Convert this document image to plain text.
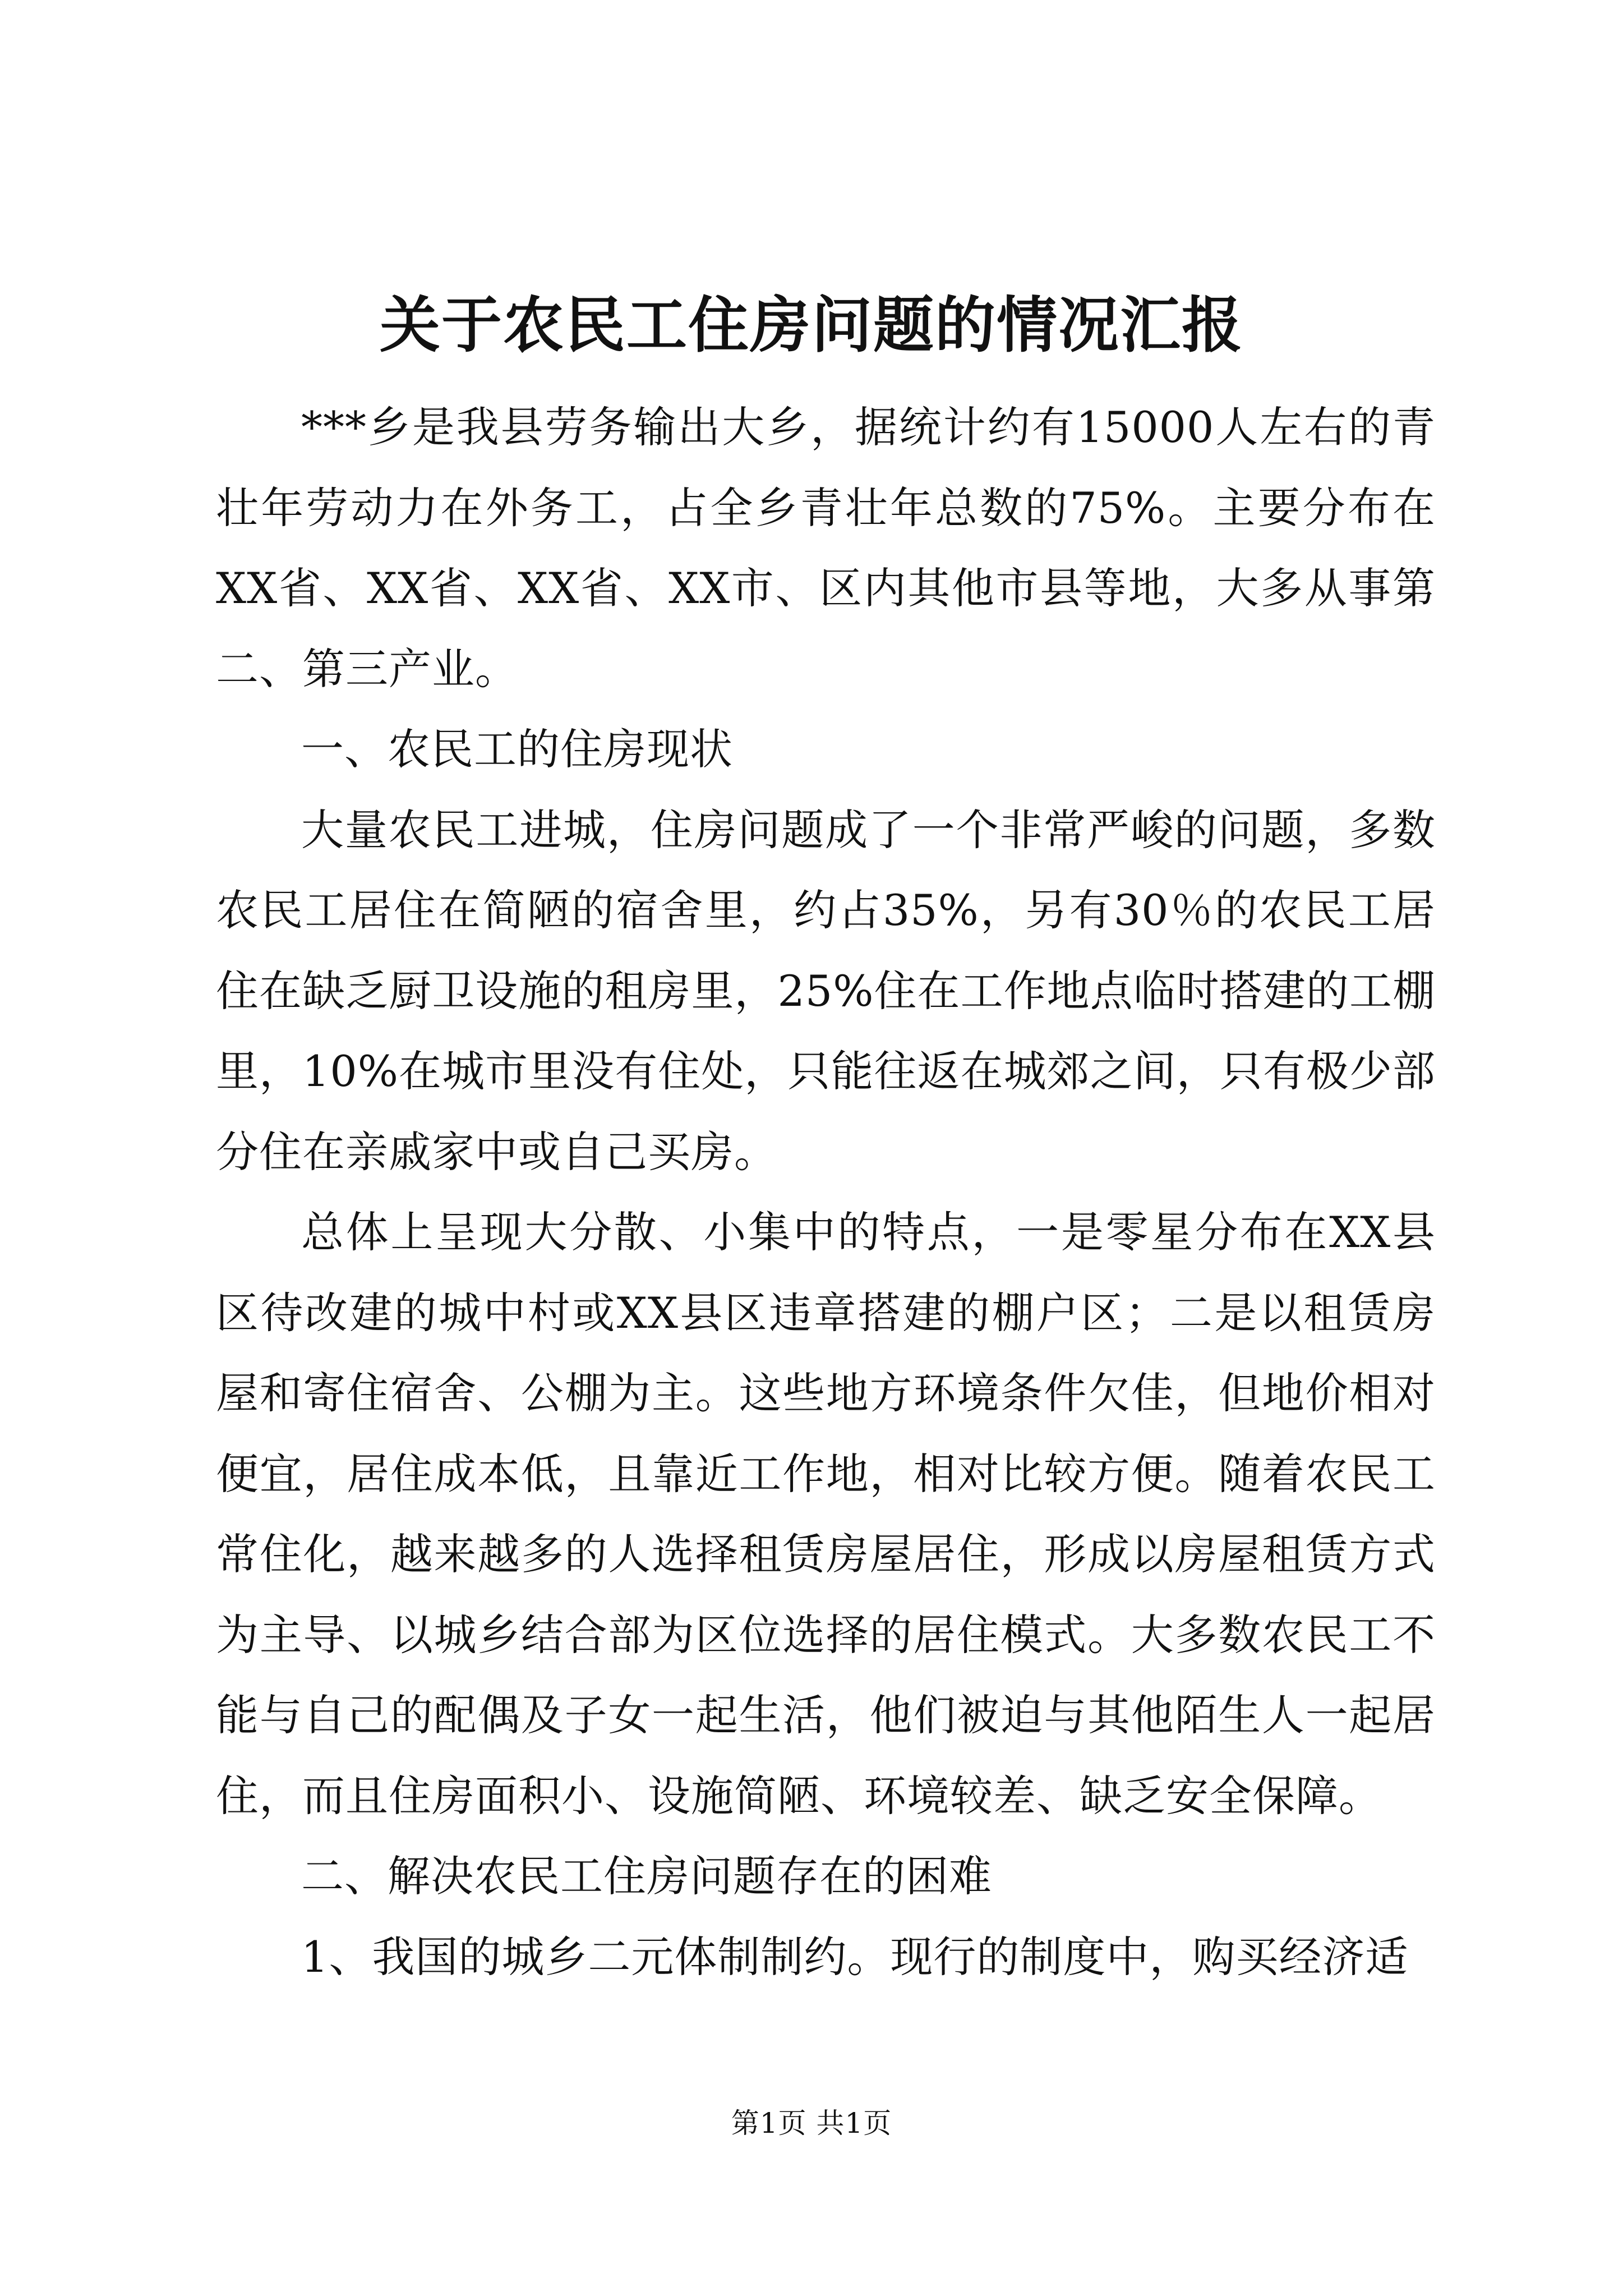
关于农民工住房问题的情况汇报

***乡是我县劳务输出大乡，据统计约有15000人左右的青壮年劳动力在外务工，占全乡青壮年总数的75%。主要分布在XX省、XX省、XX省、XX市、区内其他市县等地，大多从事第二、第三产业。

一、农民工的住房现状

大量农民工进城，住房问题成了一个非常严峻的问题，多数农民工居住在简陋的宿舍里，约占35%，另有30％的农民工居住在缺乏厨卫设施的租房里，25%住在工作地点临时搭建的工棚里，10%在城市里没有住处，只能往返在城郊之间，只有极少部分住在亲戚家中或自己买房。

总体上呈现大分散、小集中的特点，一是零星分布在XX县区待改建的城中村或XX县区违章搭建的棚户区；二是以租赁房屋和寄住宿舍、公棚为主。这些地方环境条件欠佳，但地价相对便宜，居住成本低，且靠近工作地，相对比较方便。随着农民工常住化，越来越多的人选择租赁房屋居住，形成以房屋租赁方式为主导、以城乡结合部为区位选择的居住模式。大多数农民工不能与自己的配偶及子女一起生活，他们被迫与其他陌生人一起居住，而且住房面积小、设施简陋、环境较差、缺乏安全保障。

二、解决农民工住房问题存在的困难

1、我国的城乡二元体制制约。现行的制度中，购买经济适

第1页 共1页
